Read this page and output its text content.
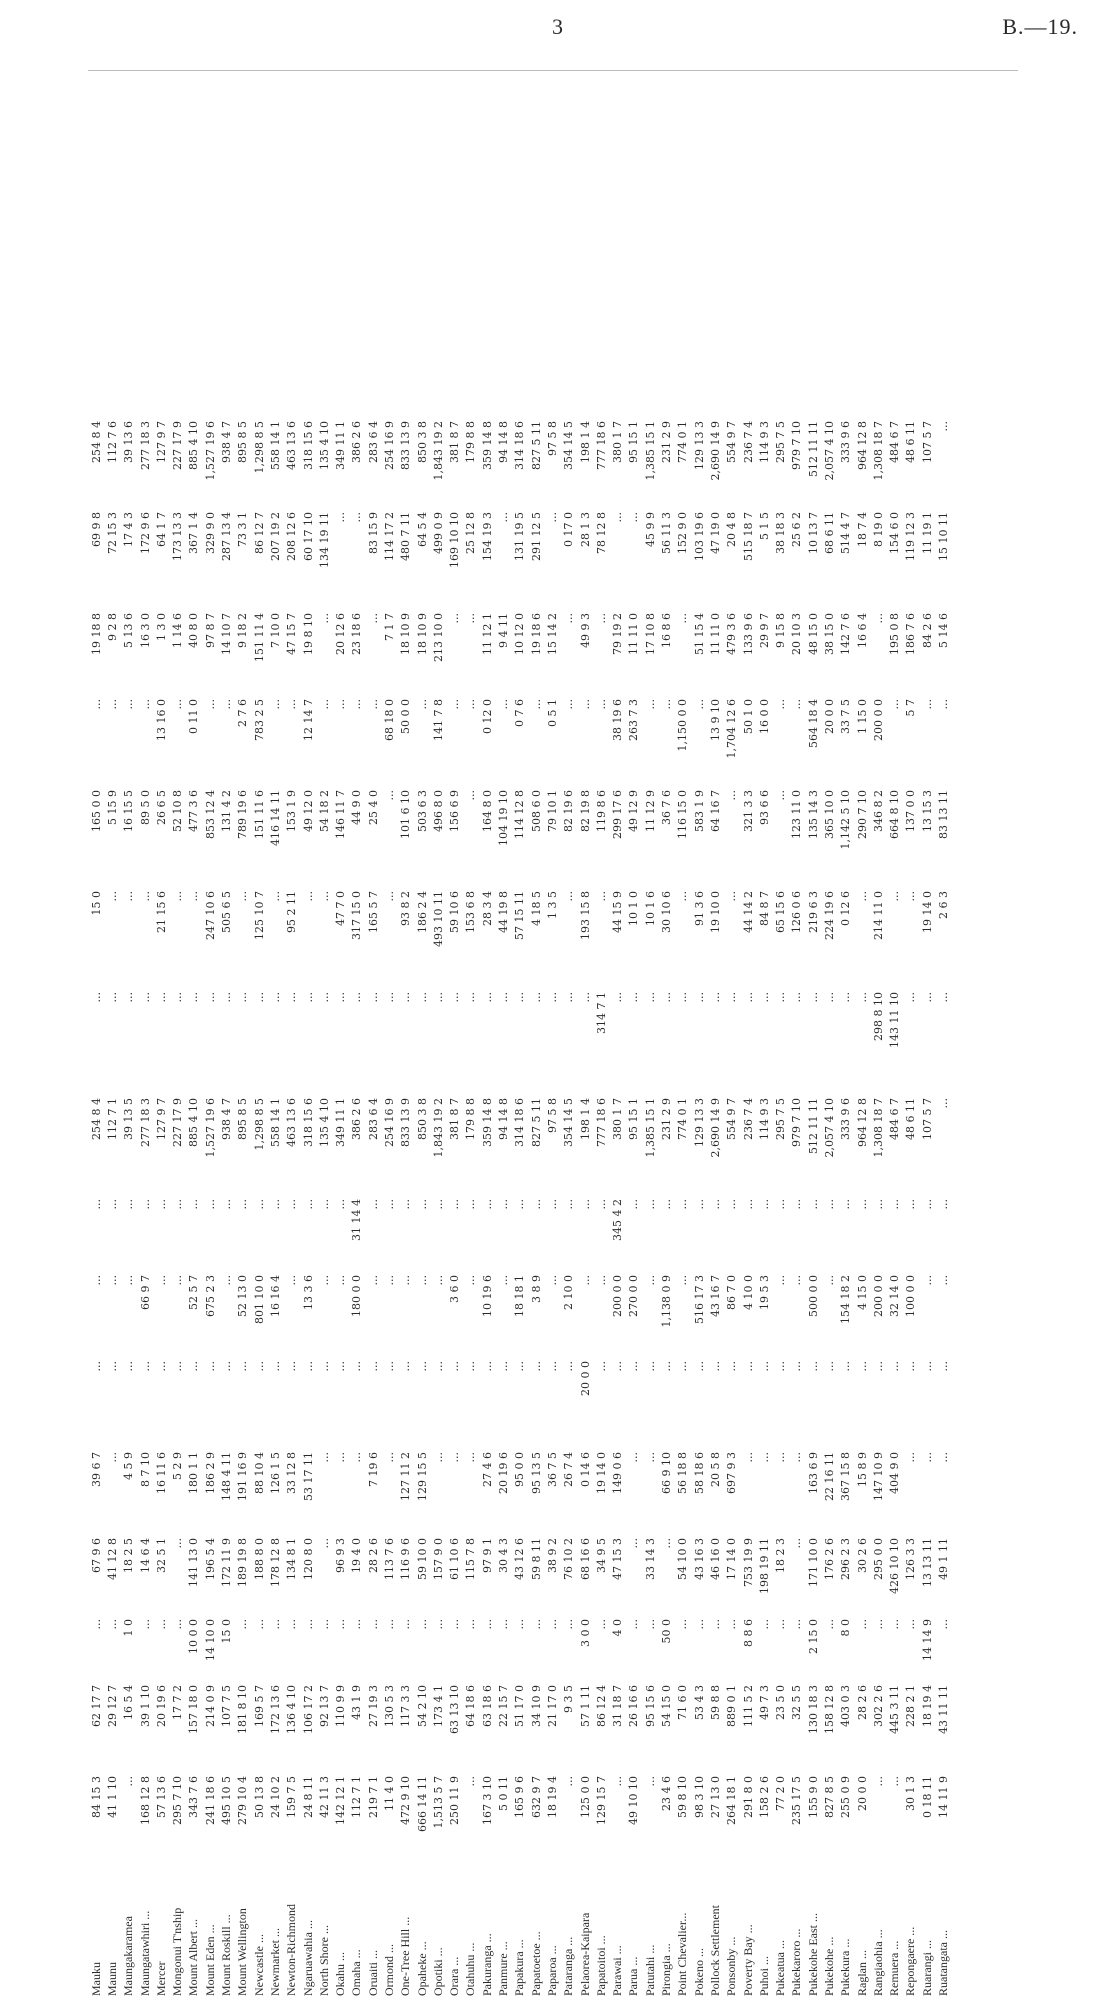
3	B.—19.
Mauku
84 15 3
62 17 7
...
67 9 6
39 6 7
...
...
...
254 8 4
...
15 0
165 0 0
...
19 18 8
69 9 8
254 8 4
Maunu
41 1 10
29 12 7
...
41 12 8
...
...
...
...
112 7 1
...
...
5 15 9
...
9 2 8
72 15 3
112 7 6
Maungakaramea
...
16 5 4
1 0
18 2 5
4 5 9
...
...
...
39 13 5
...
...
16 15 5
...
5 13 6
17 4 3
39 13 6
Maungatawhiri ...
168 12 8
39 1 10
...
14 6 4
8 7 10
...
66 9 7
...
277 18 3
...
...
89 5 0
...
16 3 0
172 9 6
277 18 3
Mercer
57 13 6
20 19 6
...
32 5 1
16 11 6
...
...
...
127 9 7
...
21 15 6
26 6 5
13 16 0
1 3 0
64 1 7
127 9 7
Mongonui T'nship
295 7 10
17 7 2
...
...
5 2 9
...
...
...
227 17 9
...
...
52 10 8
...
1 14 6
173 13 3
227 17 9
Mount Albert ...
343 7 6
157 18 0
10 0 0
141 13 0
180 1 1
...
52 5 7
...
885 4 10
...
...
477 3 6
0 11 0
40 8 0
367 1 4
885 4 10
Mount Eden ...
241 18 6
214 0 9
14 10 0
196 5 4
186 2 9
...
675 2 3
...
1,527 19 6
...
247 10 6
853 12 4
...
97 8 7
329 9 0
1,527 19 6
Mount Roskill ...
495 10 5
107 7 5
15 0
172 11 9
148 4 11
...
...
...
938 4 7
...
505 6 5
131 4 2
...
14 10 7
287 13 4
938 4 7
Mount Wellington
279 10 4
181 8 10
...
189 19 8
191 16 9
...
52 13 0
...
895 8 5
...
...
789 19 6
2 7 6
9 18 2
73 3 1
895 8 5
Newcastle ...
50 13 8
169 5 7
...
188 8 0
88 10 4
...
801 10 0
...
1,298 8 5
...
125 10 7
151 11 6
783 2 5
151 11 4
86 12 7
1,298 8 5
Newmarket ...
24 10 2
172 13 6
...
178 12 8
126 1 5
...
16 16 4
...
558 14 1
...
...
416 14 11
...
7 10 0
207 19 2
558 14 1
Newton-Richmond
159 7 5
136 4 10
...
134 8 1
33 12 8
...
...
...
463 13 6
...
95 2 11
153 1 9
...
47 15 7
208 12 6
463 13 6
Ngaruawahia ...
24 8 11
106 17 2
...
120 8 0
53 17 11
...
13 3 6
...
318 15 6
...
...
49 12 0
12 14 7
19 8 10
60 17 10
318 15 6
North Shore ...
42 11 3
92 13 7
...
...
...
...
...
...
135 4 10
...
...
54 18 2
...
...
134 19 11
135 4 10
Okahu ...
142 12 1
110 9 9
...
96 9 3
...
...
...
...
349 11 1
...
47 7 0
146 11 7
...
20 12 6
...
349 11 1
Omaha ...
112 7 1
43 1 9
...
19 4 0
...
...
180 0 0
31 14 4
386 2 6
...
317 15 0
44 9 0
...
23 18 6
...
386 2 6
Oruaiti ...
219 7 1
27 19 3
...
28 2 6
7 19 6
...
...
...
283 6 4
...
165 5 7
25 4 0
...
...
83 15 9
283 6 4
Ormond ...
11 4 0
130 5 3
...
113 7 6
...
...
...
...
254 16 9
...
...
...
68 18 0
7 1 7
114 17 2
254 16 9
One-Tree Hill ...
472 9 10
117 3 3
...
116 9 6
127 11 2
...
...
...
833 13 9
...
93 8 2
101 6 10
50 0 0
18 10 9
480 7 11
833 13 9
Opaheke ...
666 14 11
54 2 10
...
59 10 0
129 15 5
...
...
...
850 3 8
...
186 2 4
503 6 3
...
18 10 9
64 5 4
850 3 8
Opotiki ...
1,513 5 7
173 4 1
...
157 9 0
...
...
...
...
1,843 19 2
...
493 10 11
496 8 0
141 7 8
213 10 0
499 0 9
1,843 19 2
Orara ...
250 11 9
63 13 10
...
61 10 6
...
...
3 6 0
...
381 8 7
...
59 10 6
156 6 9
...
...
169 10 10
381 8 7
Otahuhu ...
...
64 18 6
...
115 7 8
...
...
...
...
179 8 8
...
153 6 8
...
...
...
25 12 8
179 8 8
Pakuranga ...
167 3 10
63 18 6
...
97 9 1
27 4 6
...
10 19 6
...
359 14 8
...
28 3 4
164 8 0
0 12 0
11 12 1
154 19 3
359 14 8
Panmure ...
5 0 11
22 15 7
...
30 4 3
20 19 6
...
...
...
94 14 8
...
44 19 8
104 19 10
...
9 4 11
...
94 14 8
Papakura ...
165 9 6
51 17 0
...
43 12 6
95 0 0
...
18 18 1
...
314 18 6
...
57 15 11
114 12 8
0 7 6
10 12 0
131 19 5
314 18 6
Papatoetoe ...
632 9 7
34 10 9
...
59 8 11
95 13 5
...
3 8 9
...
827 5 11
...
4 18 5
508 6 0
...
19 18 6
291 12 5
827 5 11
Paparoa ...
18 19 4
21 17 0
...
38 9 2
36 7 5
...
...
...
97 5 8
...
1 3 5
79 10 1
0 5 1
15 14 2
...
97 5 8
Pataranga ...
...
9 3 5
...
76 10 2
26 7 4
...
2 10 0
...
354 14 5
...
...
82 19 6
...
...
0 17 0
354 14 5
Pelaorea-Kaipara
125 0 0
57 1 11
3 0 0
68 16 6
0 14 6
20 0 0
...
...
198 1 4
...
193 15 8
82 19 8
...
49 9 3
28 1 3
198 1 4
Papatoitoi ...
129 15 7
86 12 4
...
34 9 5
19 14 0
...
...
...
777 18 6
314 7 1
...
119 8 6
...
...
78 12 8
777 18 6
Parawai ...
...
31 18 7
4 0
47 15 3
149 0 6
...
200 0 0
345 4 2
380 1 7
...
44 15 9
299 17 6
38 19 6
79 19 2
...
380 1 7
Parua ...
49 10 10
26 16 6
...
...
...
...
270 0 0
...
95 15 1
...
10 1 0
49 12 9
263 7 3
11 11 0
...
95 15 1
Patutahi ...
...
95 15 6
...
33 14 3
...
...
...
...
1,385 15 1
...
10 1 6
11 12 9
...
17 10 8
45 9 9
1,385 15 1
Pirongia ...
23 4 6
54 15 0
50 0
...
66 9 10
...
1,138 0 9
...
231 2 9
...
30 10 6
36 7 6
...
16 8 6
56 11 3
231 2 9
Point Chevalier...
59 8 10
71 6 0
...
54 10 0
56 18 8
...
...
...
774 0 1
...
...
116 15 0
1,150 0 0
...
152 9 0
774 0 1
Pokeno ...
98 3 10
53 4 3
...
43 16 3
58 18 6
...
516 17 3
...
129 13 3
...
91 3 6
583 1 9
...
51 15 4
103 19 6
129 13 3
Pollock Settlement
27 13 0
59 8 8
...
46 16 0
20 5 8
...
43 16 7
...
2,690 14 9
...
19 10 0
64 16 7
13 9 10
11 11 0
47 19 0
2,690 14 9
Ponsonby ...
264 18 1
889 0 1
...
17 14 0
697 9 3
...
86 7 0
...
554 9 7
...
...
...
1,704 12 6
479 3 6
20 4 8
554 9 7
Poverty Bay ...
291 8 0
111 5 2
8 8 6
753 19 9
...
...
4 10 0
...
236 7 4
...
44 14 2
321 3 3
50 1 0
133 9 6
515 18 7
236 7 4
Puhoi ...
158 2 6
49 7 3
...
198 19 11
...
...
19 5 3
...
114 9 3
...
84 8 7
93 6 6
16 0 0
29 9 7
5 1 5
114 9 3
Pukeatua ...
77 2 0
23 5 0
...
18 2 3
...
...
...
...
295 7 5
...
65 15 6
...
...
9 15 8
38 18 3
295 7 5
Pukekaroro ...
235 17 5
32 5 5
...
...
...
...
...
...
979 7 10
...
126 0 6
123 11 0
...
20 10 3
25 6 2
979 7 10
Pukekohe East ...
155 9 0
130 18 3
2 15 0
171 10 0
163 6 9
...
500 0 0
...
512 11 11
...
219 6 3
135 14 3
564 18 4
48 15 0
10 13 7
512 11 11
Pukekohe ...
827 8 5
158 12 8
...
176 2 6
22 16 11
...
...
...
2,057 4 10
...
224 19 6
365 10 0
20 0 0
38 15 0
68 6 11
2,057 4 10
Pukekura ...
255 0 9
403 0 3
8 0
296 2 3
367 15 8
...
154 18 2
...
333 9 6
...
0 12 6
1,142 5 10
33 7 5
142 7 6
514 4 7
333 9 6
Raglan ...
20 0 0
28 2 6
...
30 2 6
15 8 9
...
4 15 0
...
964 12 8
...
...
290 7 10
1 15 0
16 6 4
18 7 4
964 12 8
Rangiaohia ...
...
302 2 6
...
295 0 0
147 10 9
...
200 0 0
...
1,308 18 7
298 8 10
214 11 0
346 8 2
200 0 0
...
8 19 0
1,308 18 7
Remuera ...
...
445 3 11
...
426 10 10
404 9 0
...
32 14 0
...
484 6 7
143 11 10
...
664 8 10
...
195 0 8
154 6 0
484 6 7
Repongaere ...
30 1 3
228 2 1
...
126 3 3
...
...
100 0 0
...
48 6 11
...
...
137 0 0
5 7
186 7 6
119 12 3
48 6 11
Ruarangi ...
0 18 11
18 19 4
14 14 9
13 13 11
...
...
...
...
107 5 7
...
19 14 0
13 15 3
...
84 2 6
11 19 1
107 5 7
Ruatangata ...
14 11 9
43 11 11
...
49 1 11
...
...
...
...
...
...
2 6 3
83 13 11
...
5 14 6
15 10 11
...
